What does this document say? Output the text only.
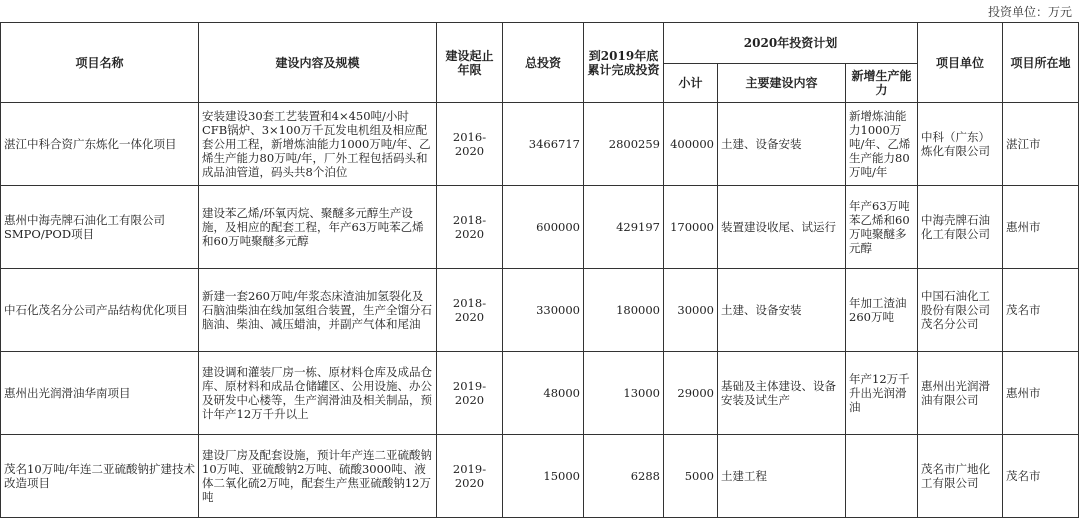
投资单位：万元
项目名称	建设内容及规模	建设起止年限	总投资	到2019年底累计完成投资	2020年投资计划			项目单位	项目所在地
					小计	主要建设内容	新增生产能力		
湛江中科合资广东炼化一体化项目	安装建设30套工艺装置和4×450吨/小时CFB锅炉、3×100万千瓦发电机组及相应配套公用工程，新增炼油能力1000万吨/年、乙烯生产能力80万吨/年，厂外工程包括码头和成品油管道，码头共8个泊位	2016-2020	3466717	2800259	400000	土建、设备安装	新增炼油能力1000万吨/年、乙烯生产能力80万吨/年	中科（广东）炼化有限公司	湛江市
惠州中海壳牌石油化工有限公司SMPO/POD项目	建设苯乙烯/环氧丙烷、聚醚多元醇生产设施，及相应的配套工程，年产63万吨苯乙烯和60万吨聚醚多元醇	2018-2020	600000	429197	170000	装置建设收尾、试运行	年产63万吨苯乙烯和60万吨聚醚多元醇	中海壳牌石油化工有限公司	惠州市
中石化茂名分公司产品结构优化项目	新建一套260万吨/年浆态床渣油加氢裂化及石脑油柴油在线加氢组合装置，生产全馏分石脑油、柴油、减压蜡油，并副产气体和尾油	2018-2020	330000	180000	30000	土建、设备安装	年加工渣油260万吨	中国石油化工股份有限公司茂名分公司	茂名市
惠州出光润滑油华南项目	建设调和灌装厂房一栋、原材料仓库及成品仓库、原材料和成品仓储罐区、公用设施、办公及研发中心楼等，生产润滑油及相关制品，预计年产12万千升以上	2019-2020	48000	13000	29000	基础及主体建设、设备安装及试生产	年产12万千升出光润滑油	惠州出光润滑油有限公司	惠州市
茂名10万吨/年连二亚硫酸钠扩建技术改造项目	建设厂房及配套设施，预计年产连二亚硫酸钠10万吨、亚硫酸钠2万吨、硫酸3000吨、液体二氧化硫2万吨，配套生产焦亚硫酸钠12万吨	2019-2020	15000	6288	5000	土建工程		茂名市广地化工有限公司	茂名市
